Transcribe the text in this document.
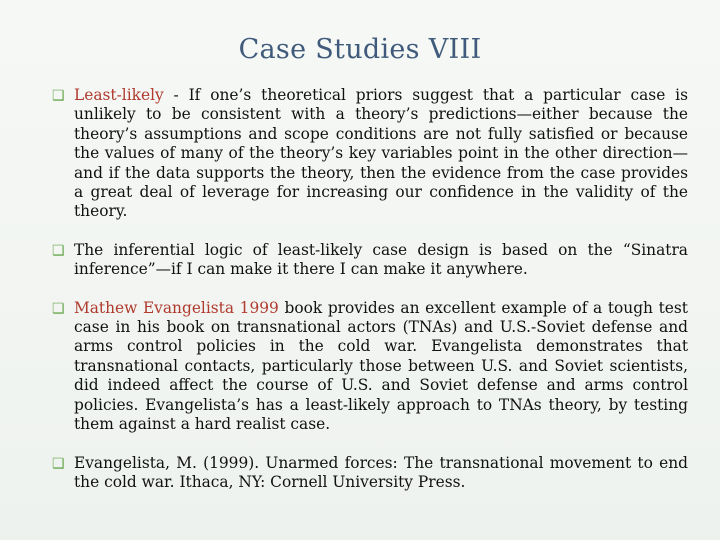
Case Studies VIII
❑ Least-likely - If one’s theoretical priors suggest that a particular case is unlikely to be consistent with a theory’s predictions—either because the theory’s assumptions and scope conditions are not fully satisfied or because the values of many of the theory’s key variables point in the other direction—and if the data supports the theory, then the evidence from the case provides a great deal of leverage for increasing our confidence in the validity of the theory.
❑ The inferential logic of least-likely case design is based on the “Sinatra inference”—if I can make it there I can make it anywhere.
❑ Mathew Evangelista 1999 book provides an excellent example of a tough test case in his book on transnational actors (TNAs) and U.S.-Soviet defense and arms control policies in the cold war. Evangelista demonstrates that transnational contacts, particularly those between U.S. and Soviet scientists, did indeed affect the course of U.S. and Soviet defense and arms control policies. Evangelista’s has a least-likely approach to TNAs theory, by testing them against a hard realist case.
❑ Evangelista, M. (1999). Unarmed forces: The transnational movement to end the cold war. Ithaca, NY: Cornell University Press.
